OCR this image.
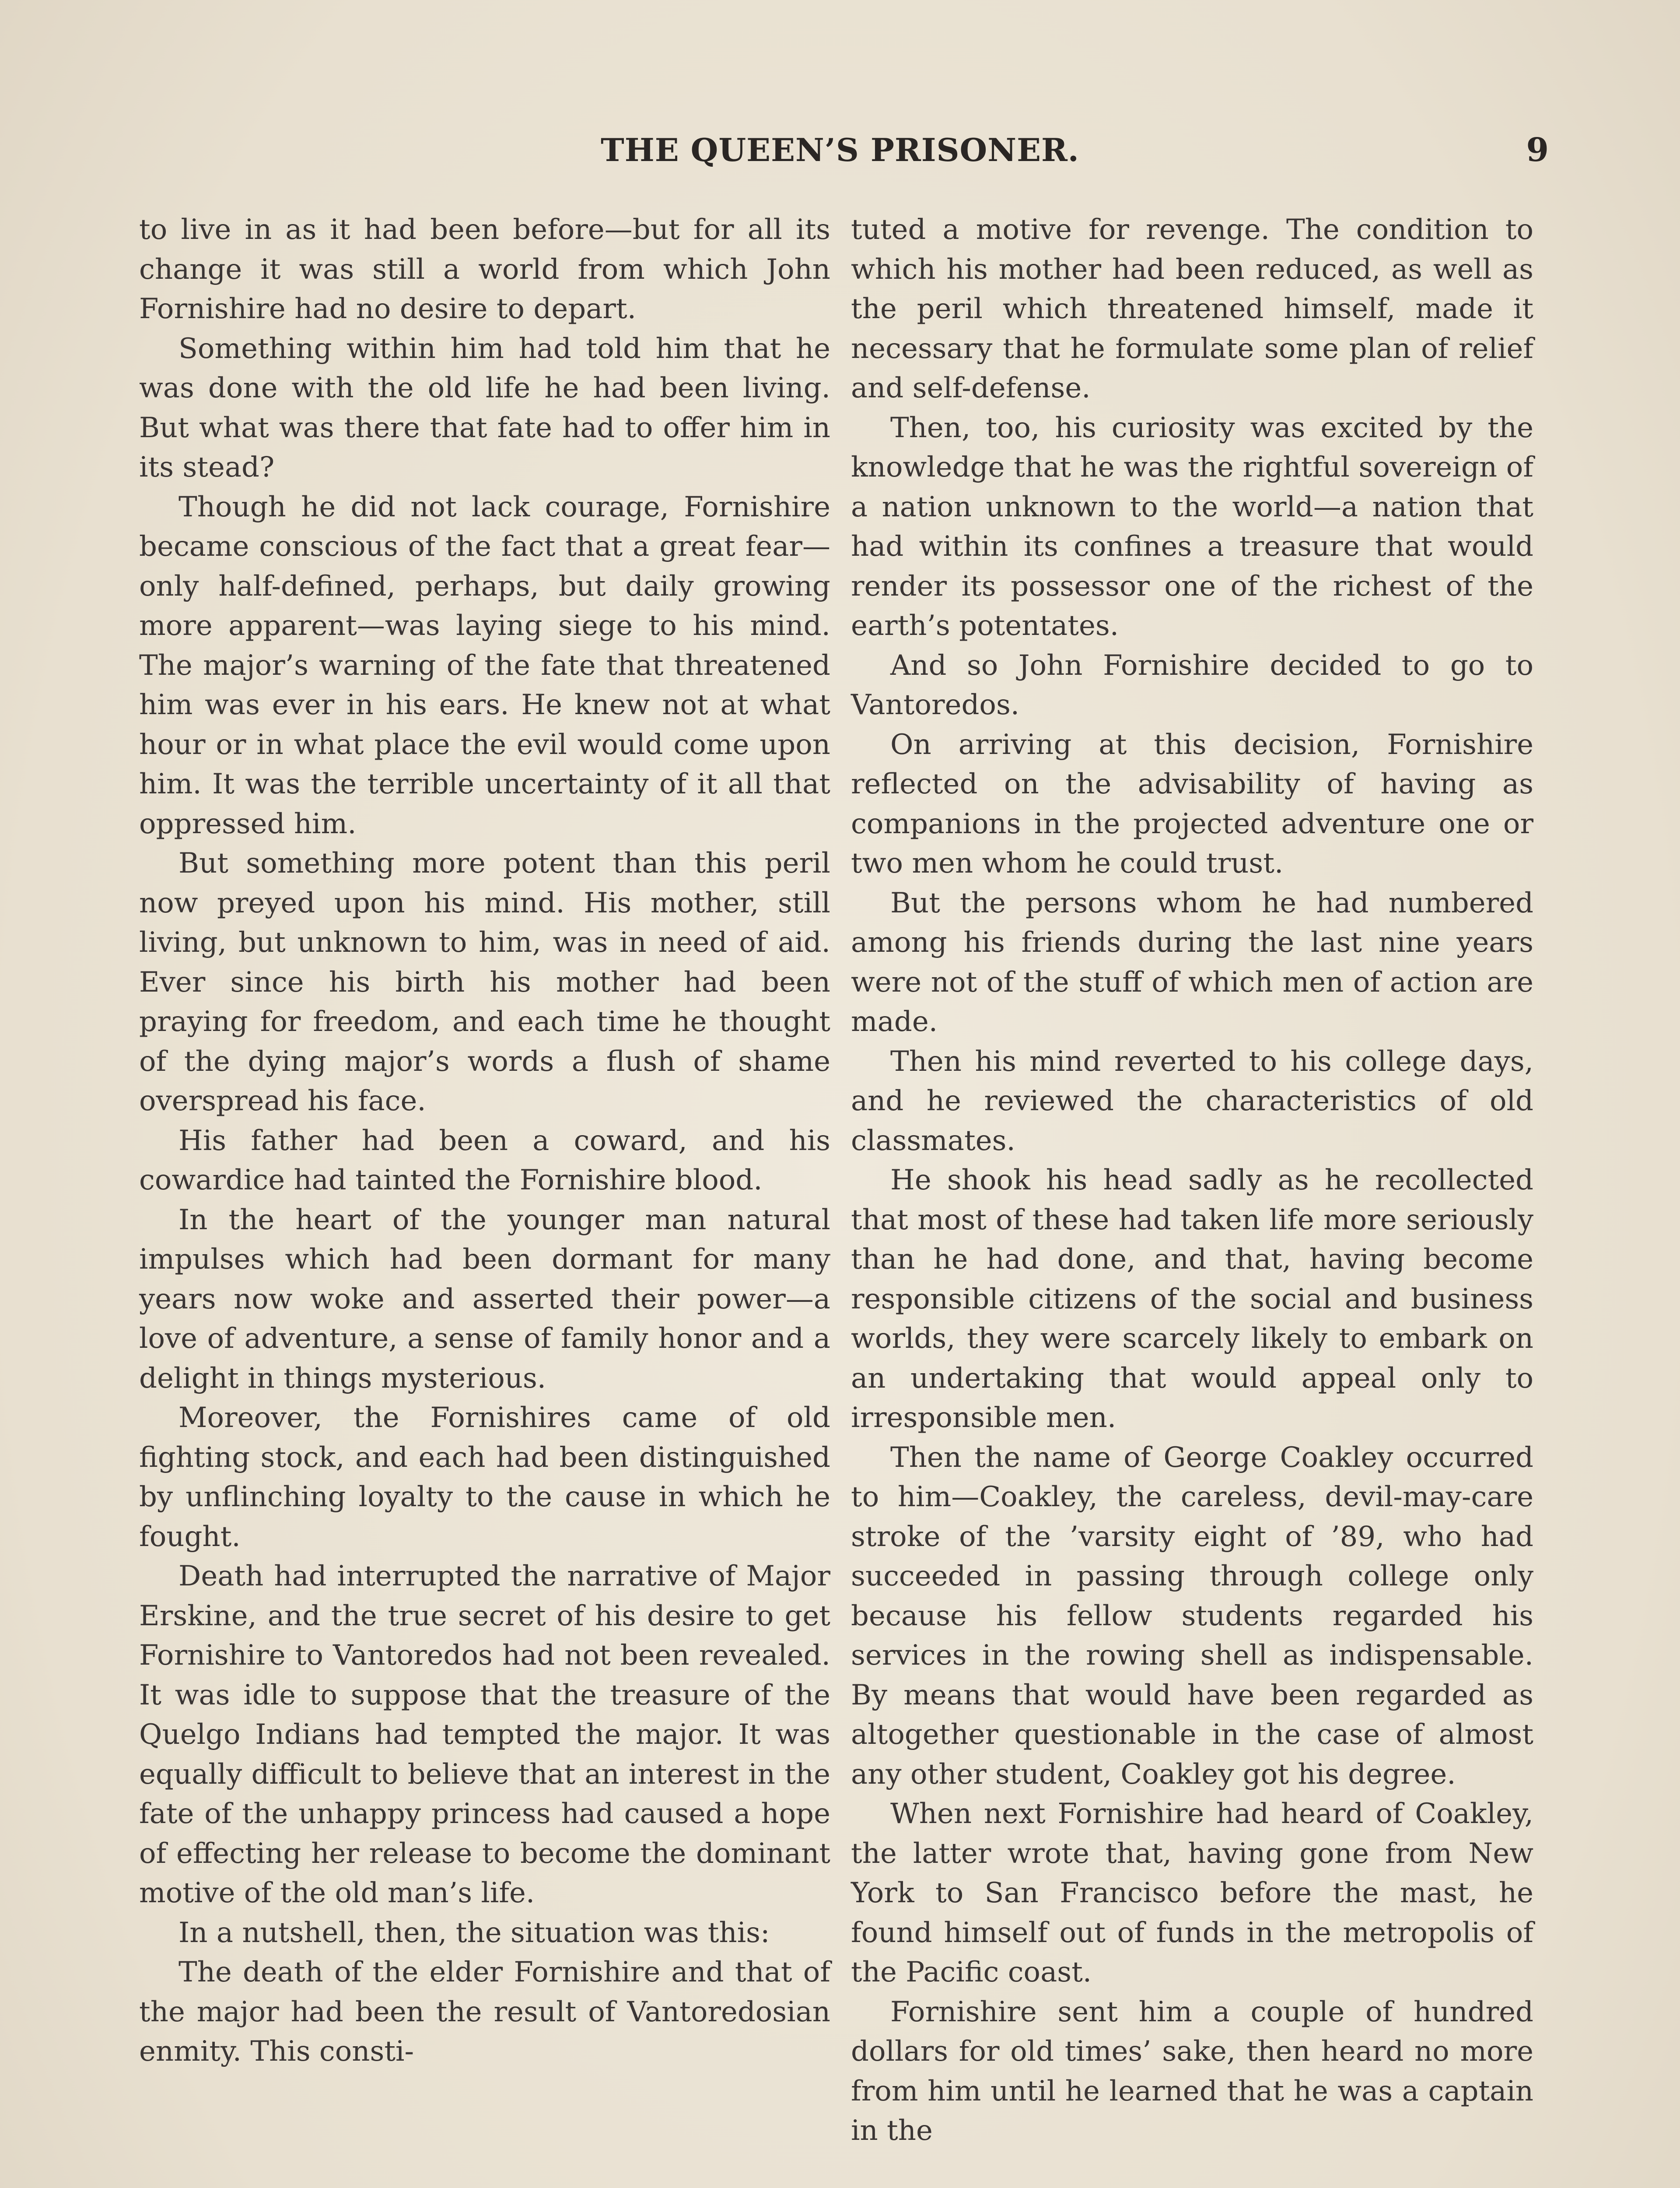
THE QUEEN’S PRISONER.	9

to live in as it had been before—but for all its change it was still a world from which John Fornishire had no desire to depart.

Something within him had told him that he was done with the old life he had been living. But what was there that fate had to offer him in its stead?

Though he did not lack courage, Fornishire became conscious of the fact that a great fear—only half-defined, perhaps, but daily growing more apparent—was laying siege to his mind. The major’s warning of the fate that threatened him was ever in his ears. He knew not at what hour or in what place the evil would come upon him. It was the terrible uncertainty of it all that oppressed him.

But something more potent than this peril now preyed upon his mind. His mother, still living, but unknown to him, was in need of aid. Ever since his birth his mother had been praying for freedom, and each time he thought of the dying major’s words a flush of shame overspread his face.

His father had been a coward, and his cowardice had tainted the Fornishire blood.

In the heart of the younger man natural impulses which had been dormant for many years now woke and asserted their power—a love of adventure, a sense of family honor and a delight in things mysterious.

Moreover, the Fornishires came of old fighting stock, and each had been distinguished by unflinching loyalty to the cause in which he fought.

Death had interrupted the narrative of Major Erskine, and the true secret of his desire to get Fornishire to Vantoredos had not been revealed. It was idle to suppose that the treasure of the Quelgo Indians had tempted the major. It was equally difficult to believe that an interest in the fate of the unhappy princess had caused a hope of effecting her release to become the dominant motive of the old man’s life.

In a nutshell, then, the situation was this:

The death of the elder Fornishire and that of the major had been the result of Vantoredosian enmity. This consti-

tuted a motive for revenge. The condition to which his mother had been reduced, as well as the peril which threatened himself, made it necessary that he formulate some plan of relief and self-defense.

Then, too, his curiosity was excited by the knowledge that he was the rightful sovereign of a nation unknown to the world—a nation that had within its confines a treasure that would render its possessor one of the richest of the earth’s potentates.

And so John Fornishire decided to go to Vantoredos.

On arriving at this decision, Fornishire reflected on the advisability of having as companions in the projected adventure one or two men whom he could trust.

But the persons whom he had numbered among his friends during the last nine years were not of the stuff of which men of action are made.

Then his mind reverted to his college days, and he reviewed the characteristics of old classmates.

He shook his head sadly as he recollected that most of these had taken life more seriously than he had done, and that, having become responsible citizens of the social and business worlds, they were scarcely likely to embark on an undertaking that would appeal only to irresponsible men.

Then the name of George Coakley occurred to him—Coakley, the careless, devil-may-care stroke of the ’varsity eight of ’89, who had succeeded in passing through college only because his fellow students regarded his services in the rowing shell as indispensable. By means that would have been regarded as altogether questionable in the case of almost any other student, Coakley got his degree.

When next Fornishire had heard of Coakley, the latter wrote that, having gone from New York to San Francisco before the mast, he found himself out of funds in the metropolis of the Pacific coast.

Fornishire sent him a couple of hundred dollars for old times’ sake, then heard no more from him until he learned that he was a captain in the
